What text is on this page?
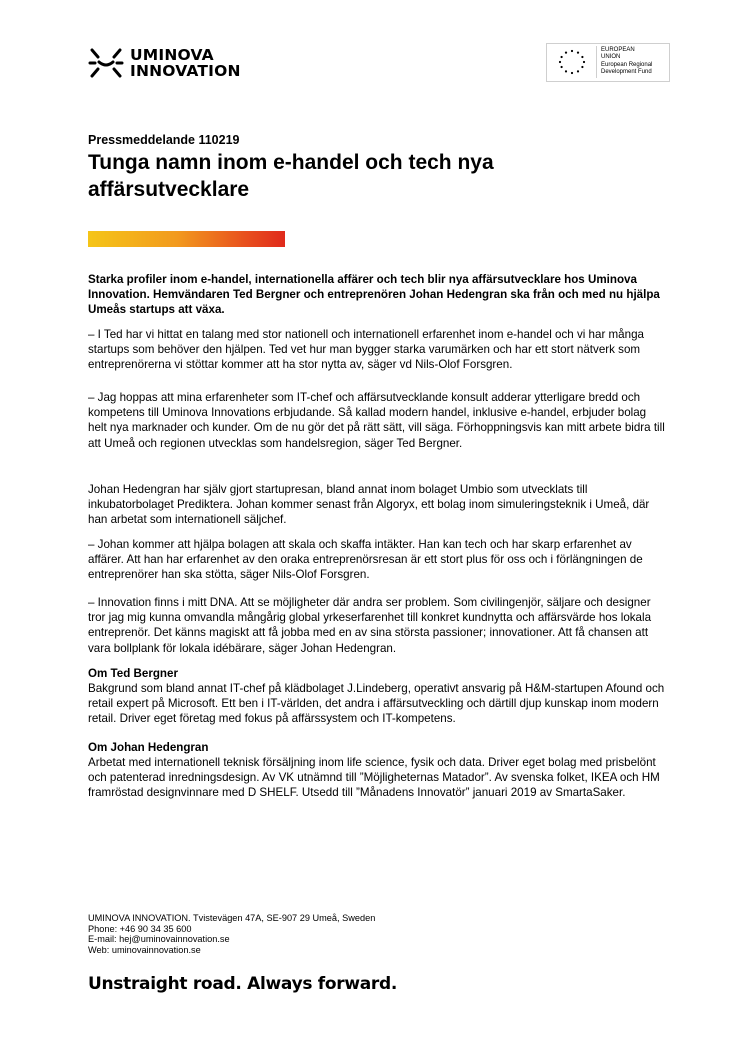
UMINOVA
INNOVATION
EUROPEAN
UNION
European Regional
Development Fund
Pressmeddelande 110219
Tunga namn inom e-handel och tech nya
affärsutvecklare

Starka profiler inom e-handel, internationella affärer och tech blir nya affärsutvecklare hos Uminova Innovation. Hemvändaren Ted Bergner och entreprenören Johan Hedengran ska från och med nu hjälpa Umeås startups att växa.

– I Ted har vi hittat en talang med stor nationell och internationell erfarenhet inom e-handel och vi har många startups som behöver den hjälpen. Ted vet hur man bygger starka varumärken och har ett stort nätverk som entreprenörerna vi stöttar kommer att ha stor nytta av, säger vd Nils-Olof Forsgren.

– Jag hoppas att mina erfarenheter som IT-chef och affärsutvecklande konsult adderar ytterligare bredd och kompetens till Uminova Innovations erbjudande. Så kallad modern handel, inklusive e-handel, erbjuder bolag helt nya marknader och kunder. Om de nu gör det på rätt sätt, vill säga. Förhoppningsvis kan mitt arbete bidra till att Umeå och regionen utvecklas som handelsregion, säger Ted Bergner.

Johan Hedengran har själv gjort startupresan, bland annat inom bolaget Umbio som utvecklats till inkubatorbolaget Prediktera. Johan kommer senast från Algoryx, ett bolag inom simuleringsteknik i Umeå, där han arbetat som internationell säljchef.

– Johan kommer att hjälpa bolagen att skala och skaffa intäkter. Han kan tech och har skarp erfarenhet av affärer. Att han har erfarenhet av den oraka entreprenörsresan är ett stort plus för oss och i förlängningen de entreprenörer han ska stötta, säger Nils-Olof Forsgren.

– Innovation finns i mitt DNA. Att se möjligheter där andra ser problem. Som civilingenjör, säljare och designer tror jag mig kunna omvandla mångårig global yrkeserfarenhet till konkret kundnytta och affärsvärde hos lokala entreprenör. Det känns magiskt att få jobba med en av sina största passioner; innovationer. Att få chansen att vara bollplank för lokala idébärare, säger Johan Hedengran.

Om Ted Bergner

Bakgrund som bland annat IT-chef på klädbolaget J.Lindeberg, operativt ansvarig på H&M-startupen Afound och retail expert på Microsoft. Ett ben i IT-världen, det andra i affärsutveckling och därtill djup kunskap inom modern retail. Driver eget företag med fokus på affärssystem och IT-kompetens.

Om Johan Hedengran

Arbetat med internationell teknisk försäljning inom life science, fysik och data. Driver eget bolag med prisbelönt och patenterad inredningsdesign. Av VK utnämnd till ”Möjligheternas Matador”. Av svenska folket, IKEA och HM framröstad designvinnare med D SHELF. Utsedd till ”Månadens Innovatör” januari 2019 av SmartaSaker.

UMINOVA INNOVATION. Tvistevägen 47A, SE-907 29 Umeå, Sweden
Phone: +46 90 34 35 600
E-mail: hej@uminovainnovation.se
Web: uminovainnovation.se
Unstraight road. Always forward.
